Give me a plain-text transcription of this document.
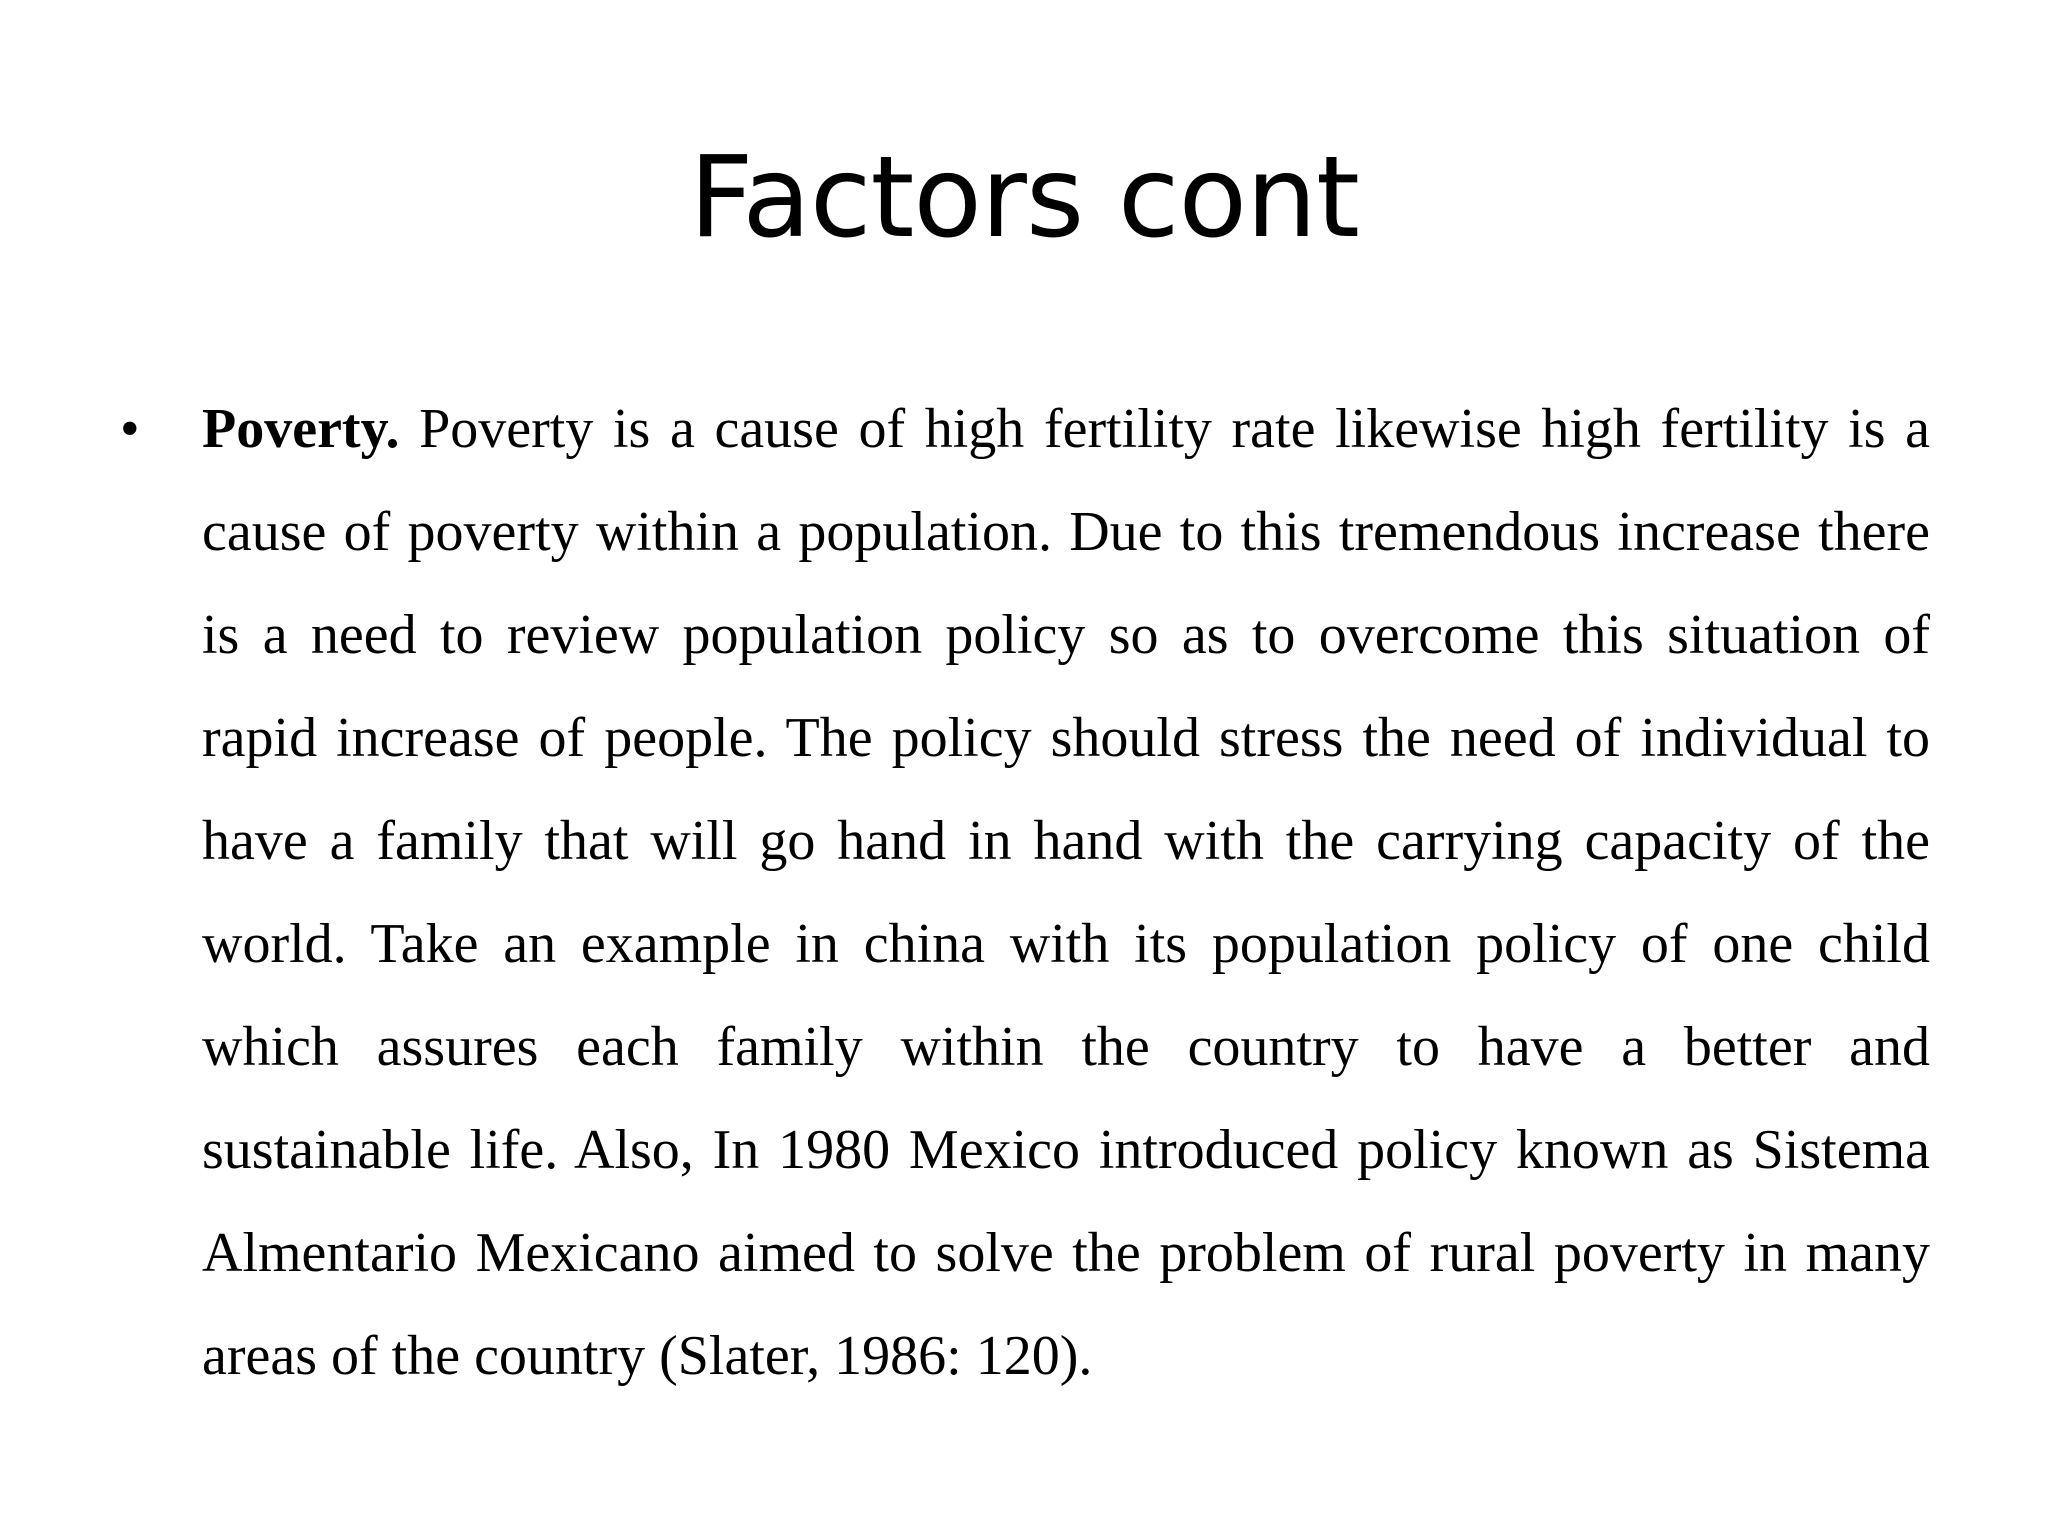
Factors cont
• Poverty. Poverty is a cause of high fertility rate likewise high fertility is a cause of poverty within a population. Due to this tremendous increase there is a need to review population policy so as to overcome this situation of rapid increase of people. The policy should stress the need of individual to have a family that will go hand in hand with the carrying capacity of the world. Take an example in china with its population policy of one child which assures each family within the country to have a better and sustainable life. Also, In 1980 Mexico introduced policy known as Sistema Almentario Mexicano aimed to solve the problem of rural poverty in many areas of the country (Slater, 1986: 120).
